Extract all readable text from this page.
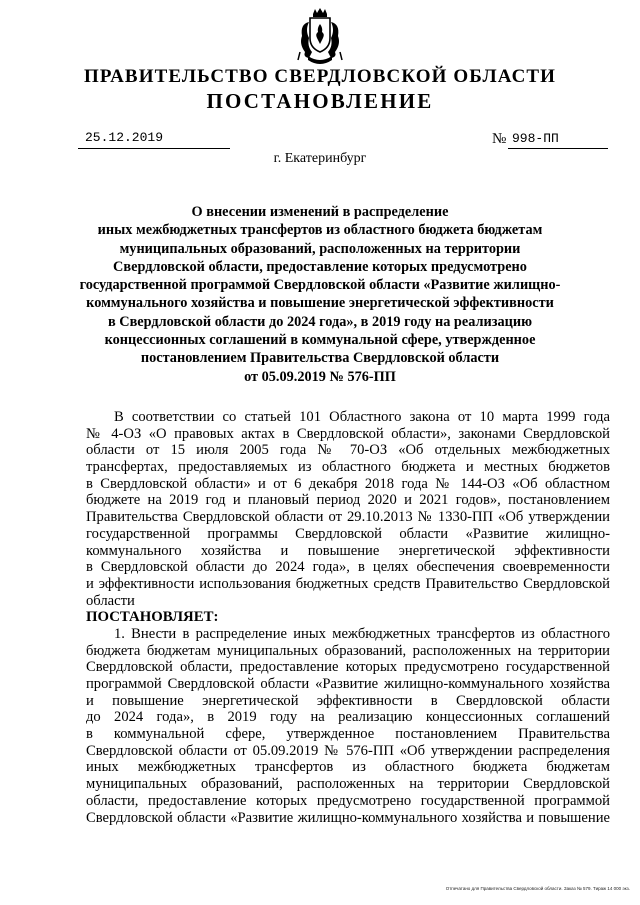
ПРАВИТЕЛЬСТВО СВЕРДЛОВСКОЙ ОБЛАСТИ
ПОСТАНОВЛЕНИЕ
25.12.2019	№ 998-ПП
г. Екатеринбург
О внесении изменений в распределение
иных межбюджетных трансфертов из областного бюджета бюджетам
муниципальных образований, расположенных на территории
Свердловской области, предоставление которых предусмотрено
государственной программой Свердловской области «Развитие жилищно-
коммунального хозяйства и повышение энергетической эффективности
в Свердловской области до 2024 года», в 2019 году на реализацию
концессионных соглашений в коммунальной сфере, утвержденное
постановлением Правительства Свердловской области
от 05.09.2019 № 576-ПП
В соответствии со статьей 101 Областного закона от 10 марта 1999 года
№ 4-ОЗ «О правовых актах в Свердловской области», законами Свердловской
области от 15 июля 2005 года № 70-ОЗ «Об отдельных межбюджетных
трансфертах, предоставляемых из областного бюджета и местных бюджетов
в Свердловской области» и от 6 декабря 2018 года № 144-ОЗ «Об областном
бюджете на 2019 год и плановый период 2020 и 2021 годов», постановлением
Правительства Свердловской области от 29.10.2013 № 1330-ПП «Об утверждении
государственной программы Свердловской области «Развитие жилищно-
коммунального хозяйства и повышение энергетической эффективности
в Свердловской области до 2024 года», в целях обеспечения своевременности
и эффективности использования бюджетных средств Правительство Свердловской
области
ПОСТАНОВЛЯЕТ:
1. Внести в распределение иных межбюджетных трансфертов из областного
бюджета бюджетам муниципальных образований, расположенных на территории
Свердловской области, предоставление которых предусмотрено государственной
программой Свердловской области «Развитие жилищно-коммунального хозяйства
и повышение энергетической эффективности в Свердловской области
до 2024 года», в 2019 году на реализацию концессионных соглашений
в коммунальной сфере, утвержденное постановлением Правительства
Свердловской области от 05.09.2019 № 576-ПП «Об утверждении распределения
иных межбюджетных трансфертов из областного бюджета бюджетам
муниципальных образований, расположенных на территории Свердловской
области, предоставление которых предусмотрено государственной программой
Свердловской области «Развитие жилищно-коммунального хозяйства и повышение
Отпечатано для Правительства Свердловской области. Заказ № 579. Тираж 14 000 экз.
